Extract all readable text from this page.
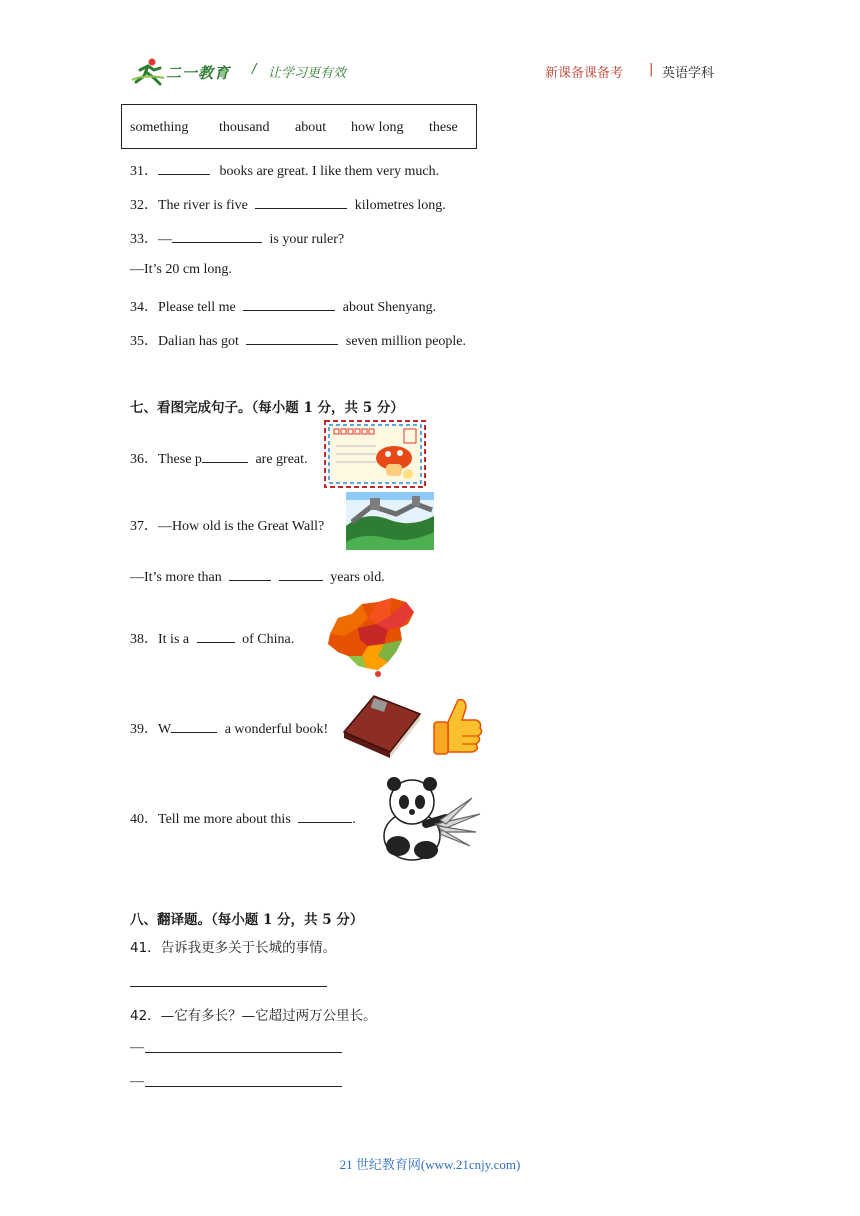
二一教育 / 让学习更有效	新课备课备考 | 英语学科
something thousand about how long these
31．	books are great. I like them very much.
32．The river is five	kilometres long.
33．—	is your ruler?
—It’s 20 cm long.
34．Please tell me	about Shenyang.
35．Dalian has got	seven million people.
七、看图完成句子。（每小题 1 分，共 5 分）
36．These p	are great.
37．—How old is the Great Wall?
—It’s more than	years old.
38．It is a	of China.
39．W	a wonderful book!
40．Tell me more about this	.
八、翻译题。（每小题 1 分，共 5 分）
41．告诉我更多关于长城的事情。
42．—它有多长？—它超过两万公里长。
—
—
21 世纪教育网(www.21cnjy.com)
